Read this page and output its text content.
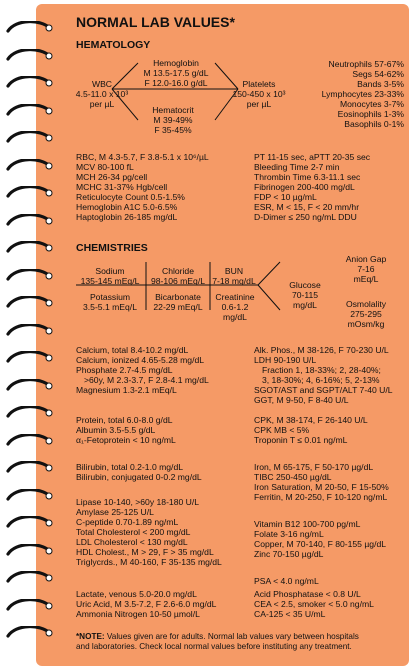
NORMAL LAB VALUES*
HEMATOLOGY
WBC
4.5-11.0 x 10³
per µL
Hemoglobin
M 13.5-17.5 g/dL
F 12.0-16.0 g/dL
Hematocrit
M 39-49%
F 35-45%
Platelets
150-450 x 10³
per µL
Neutrophils 57-67%
Segs 54-62%
Bands 3-5%
Lymphocytes 23-33%
Monocytes 3-7%
Eosinophils 1-3%
Basophils 0-1%
RBC, M 4.3-5.7, F 3.8-5.1 x 10⁶/µL
MCV 80-100 fL
MCH 26-34 pg/cell
MCHC 31-37% Hgb/cell
Reticulocyte Count 0.5-1.5%
Hemoglobin A1C 5.0-6.5%
Haptoglobin 26-185 mg/dL
PT 11-15 sec, aPTT 20-35 sec
Bleeding Time 2-7 min
Thrombin Time 6.3-11.1 sec
Fibrinogen 200-400 mg/dL
FDP < 10 µg/mL
ESR, M < 15, F < 20 mm/hr
D-Dimer ≤ 250 ng/mL DDU
CHEMISTRIES
Sodium
135-145 mEq/L
Chloride
98-106 mEq/L
BUN
7-18 mg/dL
Potassium
3.5-5.1 mEq/L
Bicarbonate
22-29 mEq/L
Creatinine
0.6-1.2
mg/dL
Glucose
70-115
mg/dL
Anion Gap
7-16
mEq/L
Osmolality
275-295
mOsm/kg
Calcium, total 8.4-10.2 mg/dL
Calcium, ionized 4.65-5.28 mg/dL
Phosphate 2.7-4.5 mg/dL
>60y, M 2.3-3.7, F 2.8-4.1 mg/dL
Magnesium 1.3-2.1 mEq/L
Alk. Phos., M 38-126, F 70-230 U/L
LDH 90-190 U/L
Fraction 1, 18-33%; 2, 28-40%;
3, 18-30%; 4, 6-16%; 5, 2-13%
SGOT/AST and SGPT/ALT 7-40 U/L
GGT, M 9-50, F 8-40 U/L
Protein, total 6.0-8.0 g/dL
Albumin 3.5-5.5 g/dL
α₁-Fetoprotein < 10 ng/mL
CPK, M 38-174, F 26-140 U/L
CPK MB < 5%
Troponin T ≤ 0.01 ng/mL
Bilirubin, total 0.2-1.0 mg/dL
Bilirubin, conjugated 0-0.2 mg/dL
Iron, M 65-175, F 50-170 µg/dL
TIBC 250-450 µg/dL
Iron Saturation, M 20-50, F 15-50%
Ferritin, M 20-250, F 10-120 ng/mL
Lipase 10-140, >60y 18-180 U/L
Amylase 25-125 U/L
C-peptide 0.70-1.89 ng/mL
Total Cholesterol < 200 mg/dL
LDL Cholesterol < 130 mg/dL
HDL Cholest., M > 29, F > 35 mg/dL
Triglycrds., M 40-160, F 35-135 mg/dL
Vitamin B12 100-700 pg/mL
Folate 3-16 ng/mL
Copper, M 70-140, F 80-155 µg/dL
Zinc 70-150 µg/dL
PSA < 4.0 ng/mL
Lactate, venous 5.0-20.0 mg/dL
Uric Acid, M 3.5-7.2, F 2.6-6.0 mg/dL
Ammonia Nitrogen 10-50 µmol/L
Acid Phosphatase < 0.8 U/L
CEA < 2.5, smoker < 5.0 ng/mL
CA-125 < 35 U/mL
*NOTE: Values given are for adults. Normal lab values vary between hospitals
and laboratories. Check local normal values before instituting any treatment.
